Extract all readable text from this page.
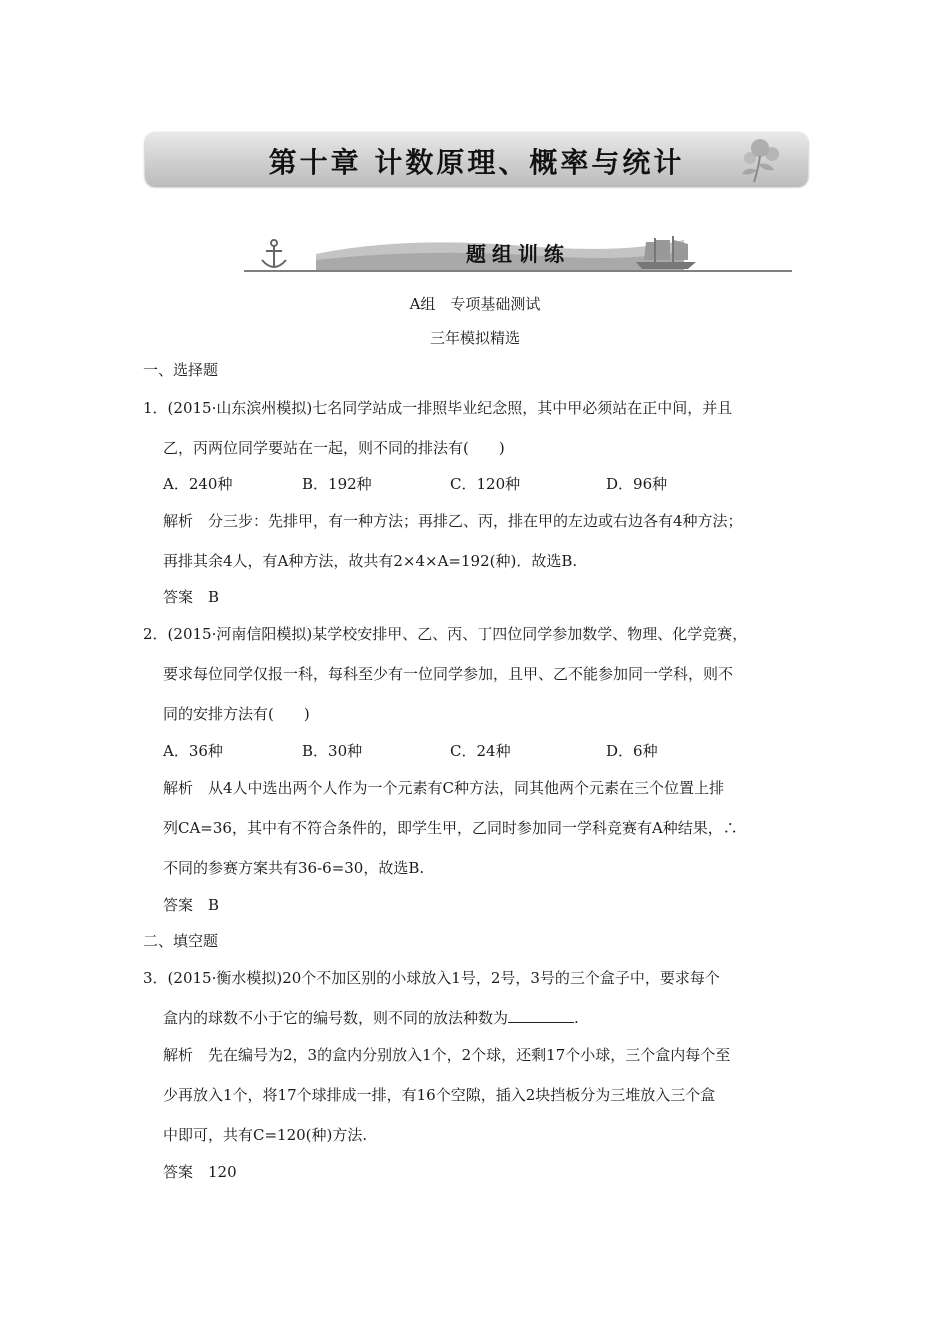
第十章 计数原理、概率与统计
题组训练
A组　专项基础测试
三年模拟精选
一、选择题
1．(2015·山东滨州模拟)七名同学站成一排照毕业纪念照，其中甲必须站在正中间，并且
乙，丙两位同学要站在一起，则不同的排法有(　　)
A．240种	B．192种	C．120种	D．96种
解析　分三步：先排甲，有一种方法；再排乙、丙，排在甲的左边或右边各有4种方法；
再排其余4人，有A种方法，故共有2×4×A=192(种)．故选B.
答案　B
2．(2015·河南信阳模拟)某学校安排甲、乙、丙、丁四位同学参加数学、物理、化学竞赛，
要求每位同学仅报一科，每科至少有一位同学参加，且甲、乙不能参加同一学科，则不
同的安排方法有(　　)
A．36种	B．30种	C．24种	D．6种
解析　从4人中选出两个人作为一个元素有C种方法，同其他两个元素在三个位置上排
列CA=36，其中有不符合条件的，即学生甲，乙同时参加同一学科竞赛有A种结果，∴
不同的参赛方案共有36-6=30，故选B.
答案　B
二、填空题
3．(2015·衡水模拟)20个不加区别的小球放入1号，2号，3号的三个盒子中，要求每个
盒内的球数不小于它的编号数，则不同的放法种数为	.
解析　先在编号为2，3的盒内分别放入1个，2个球，还剩17个小球，三个盒内每个至
少再放入1个，将17个球排成一排，有16个空隙，插入2块挡板分为三堆放入三个盒
中即可，共有C=120(种)方法.
答案　120
